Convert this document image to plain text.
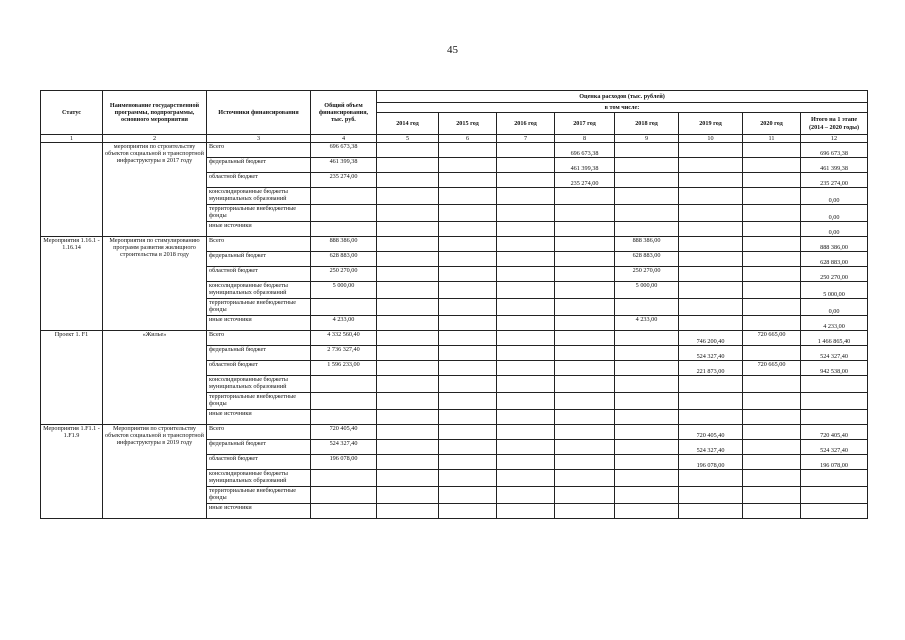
45
Статус	Наименование государственной программы, подпрограммы, основного мероприятия	Источники финансирования	Общий объем финансирования, тыс. руб.	Оценка расходов (тыс. рублей)							
				в том числе:							
				2014 год	2015 год	2016 год	2017 год	2018 год	2019 год	2020 год	Итого на 1 этапе (2014 – 2020 годы)
1	2	3	4	5	6	7	8	9	10	11	12
	мероприятия по строительству объектов социальной и транспортной инфраструктуры в 2017 году	Всего	696 673,38				696 673,38				696 673,38
		федеральный бюджет	461 399,38				461 399,38				461 399,38
		областной бюджет	235 274,00				235 274,00				235 274,00
		консолидированные бюджеты муниципальных образований									0,00
		территориальные внебюджетные фонды									0,00
		иные источники									0,00
Мероприятия 1.16.1 - 1.16.14	Мероприятия по стимулированию программ развития жилищного строительства в 2018 году	Всего	888 386,00					888 386,00			888 386,00
		федеральный бюджет	628 883,00					628 883,00			628 883,00
		областной бюджет	250 270,00					250 270,00			250 270,00
		консолидированные бюджеты муниципальных образований	5 000,00					5 000,00			5 000,00
		территориальные внебюджетные фонды									0,00
		иные источники	4 233,00					4 233,00			4 233,00
Проект 1. F1	«Жилье»	Всего	4 332 560,40						746 200,40	720 665,00	1 466 865,40
		федеральный бюджет	2 736 327,40						524 327,40		524 327,40
		областной бюджет	1 596 233,00						221 873,00	720 665,00	942 538,00
		консолидированные бюджеты муниципальных образований									
		территориальные внебюджетные фонды									
		иные источники									
Мероприятия 1.F1.1 - 1.F1.9	Мероприятия по строительству объектов социальной и транспортной инфраструктуры в 2019 году	Всего	720 405,40						720 405,40		720 405,40
		федеральный бюджет	524 327,40						524 327,40		524 327,40
		областной бюджет	196 078,00						196 078,00		196 078,00
		консолидированные бюджеты муниципальных образований									
		территориальные внебюджетные фонды									
		иные источники									
